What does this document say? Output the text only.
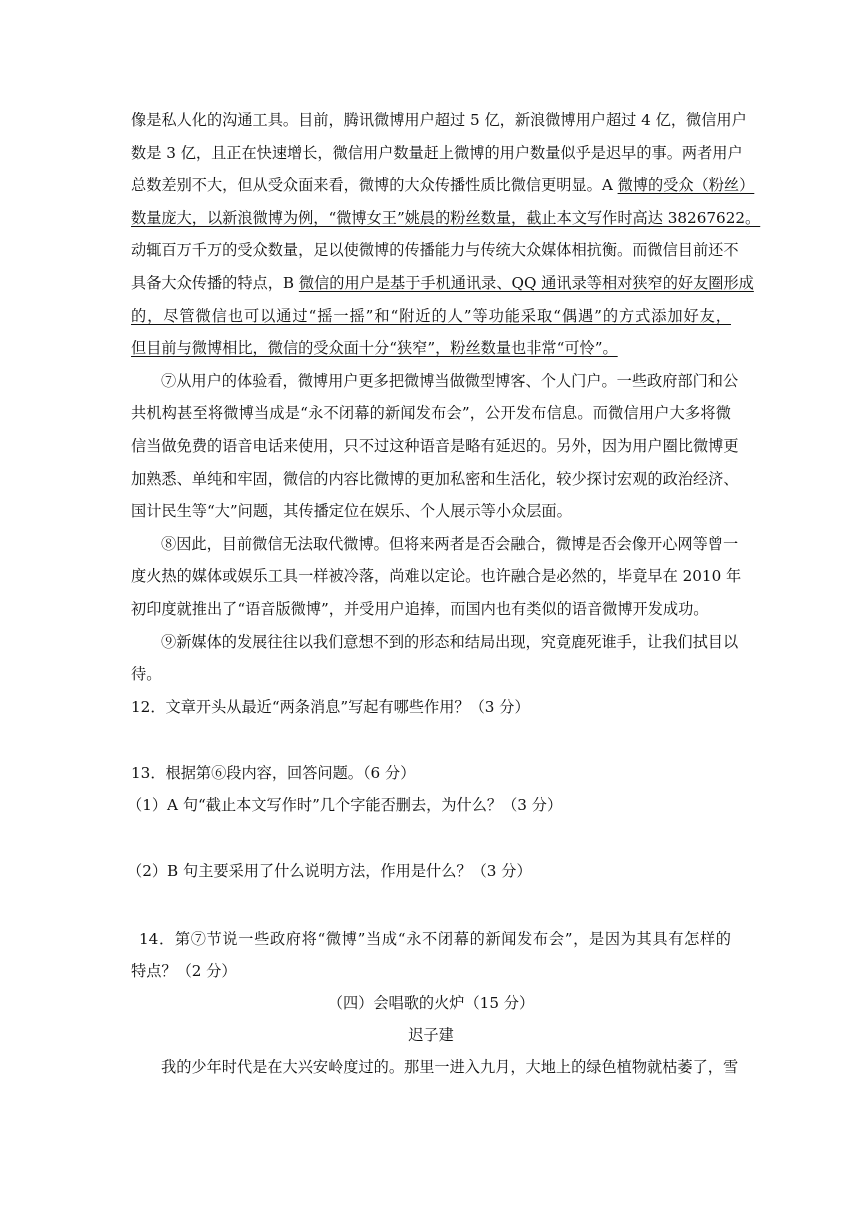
像是私人化的沟通工具。目前，腾讯微博用户超过 5 亿，新浪微博用户超过 4 亿，微信用户
数是 3 亿，且正在快速增长，微信用户数量赶上微博的用户数量似乎是迟早的事。两者用户
总数差别不大，但从受众面来看，微博的大众传播性质比微信更明显。A 微博的受众（粉丝）
数量庞大，以新浪微博为例，“微博女王”姚晨的粉丝数量，截止本文写作时高达 38267622。
动辄百万千万的受众数量，足以使微博的传播能力与传统大众媒体相抗衡。而微信目前还不
具备大众传播的特点，B 微信的用户是基于手机通讯录、QQ 通讯录等相对狭窄的好友圈形成
的，尽管微信也可以通过“摇一摇”和“附近的人”等功能采取“偶遇”的方式添加好友，
但目前与微博相比，微信的受众面十分“狭窄”，粉丝数量也非常“可怜”。
⑦从用户的体验看，微博用户更多把微博当做微型博客、个人门户。一些政府部门和公
共机构甚至将微博当成是“永不闭幕的新闻发布会”，公开发布信息。而微信用户大多将微
信当做免费的语音电话来使用，只不过这种语音是略有延迟的。另外，因为用户圈比微博更
加熟悉、单纯和牢固，微信的内容比微博的更加私密和生活化，较少探讨宏观的政治经济、
国计民生等“大”问题，其传播定位在娱乐、个人展示等小众层面。
⑧因此，目前微信无法取代微博。但将来两者是否会融合，微博是否会像开心网等曾一
度火热的媒体或娱乐工具一样被冷落，尚难以定论。也许融合是必然的，毕竟早在 2010 年
初印度就推出了“语音版微博”，并受用户追捧，而国内也有类似的语音微博开发成功。
⑨新媒体的发展往往以我们意想不到的形态和结局出现，究竟鹿死谁手，让我们拭目以
待。
12．文章开头从最近“两条消息”写起有哪些作用？（3 分）
13．根据第⑥段内容，回答问题。（6 分）
（1）A 句“截止本文写作时”几个字能否删去，为什么？（3 分）
（2）B 句主要采用了什么说明方法，作用是什么？（3 分）
14．第⑦节说一些政府将“微博”当成“永不闭幕的新闻发布会”，是因为其具有怎样的
特点？（2 分）
（四）会唱歌的火炉（15 分）
迟子建
我的少年时代是在大兴安岭度过的。那里一进入九月，大地上的绿色植物就枯萎了，雪
